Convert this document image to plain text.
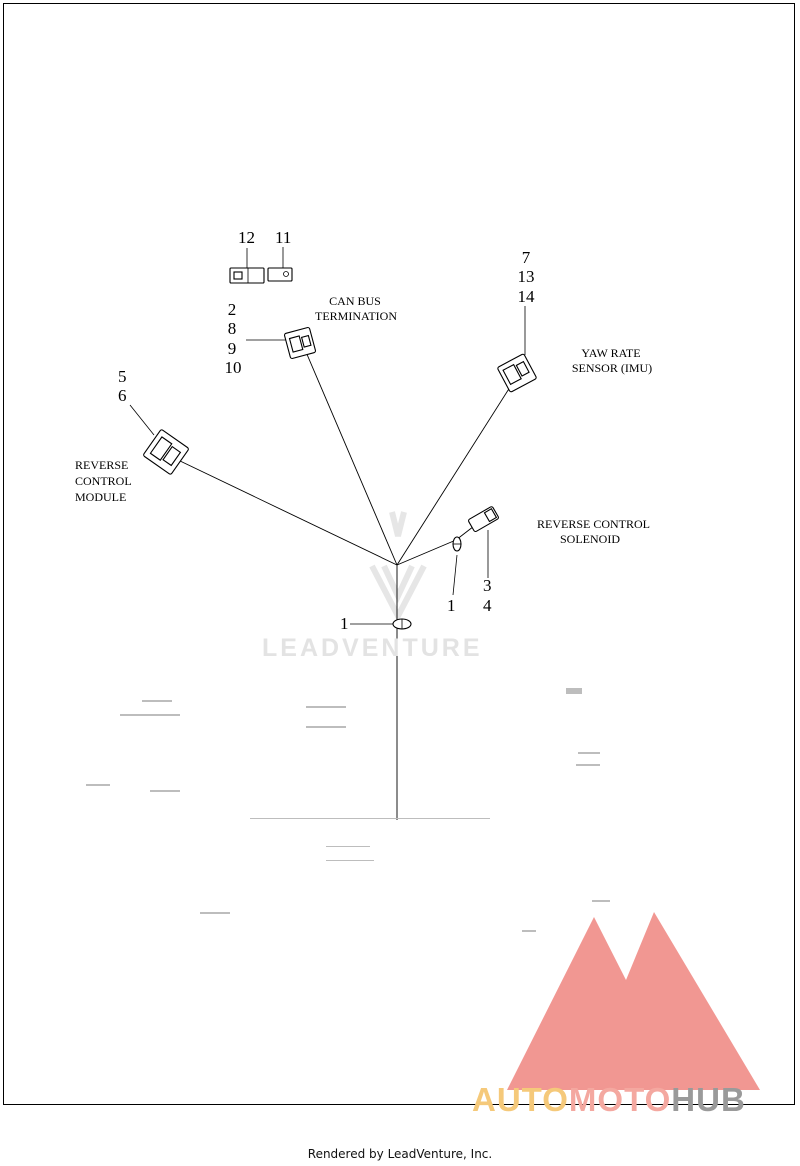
12 11
2
8
9
10
7
13
14
5
6
1
1
3
4
CAN BUS
TERMINATION
YAW RATE
SENSOR (IMU)
REVERSE
CONTROL
MODULE
REVERSE CONTROL
SOLENOID
LEADVENTURE
AUTOMOTOHUB
Rendered by LeadVenture, Inc.
